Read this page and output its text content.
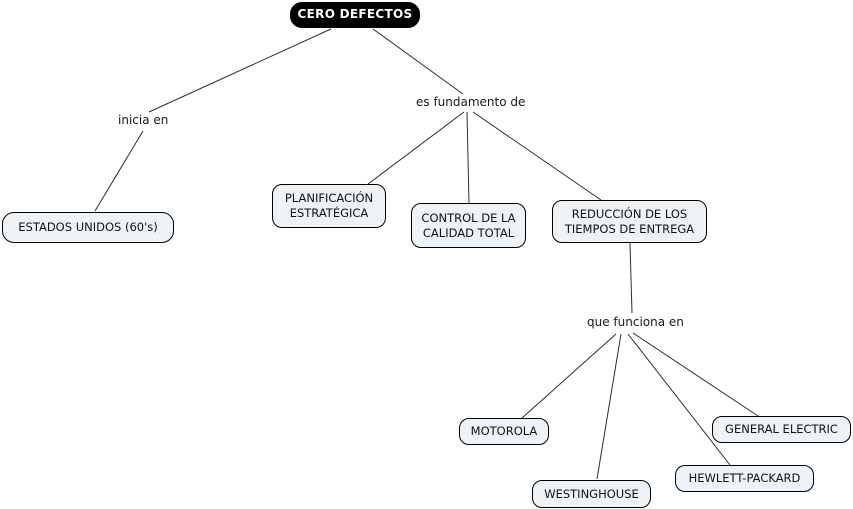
CERO DEFECTOS
inicia en
es fundamento de
que funciona en
ESTADOS UNIDOS (60's)
PLANIFICACIÓN ESTRATÉGICA	CONTROL DE LA CALIDAD TOTAL
REDUCCIÓN DE LOS TIEMPOS DE ENTREGA
MOTOROLA
WESTINGHOUSE
HEWLETT-PACKARD
GENERAL ELECTRIC
